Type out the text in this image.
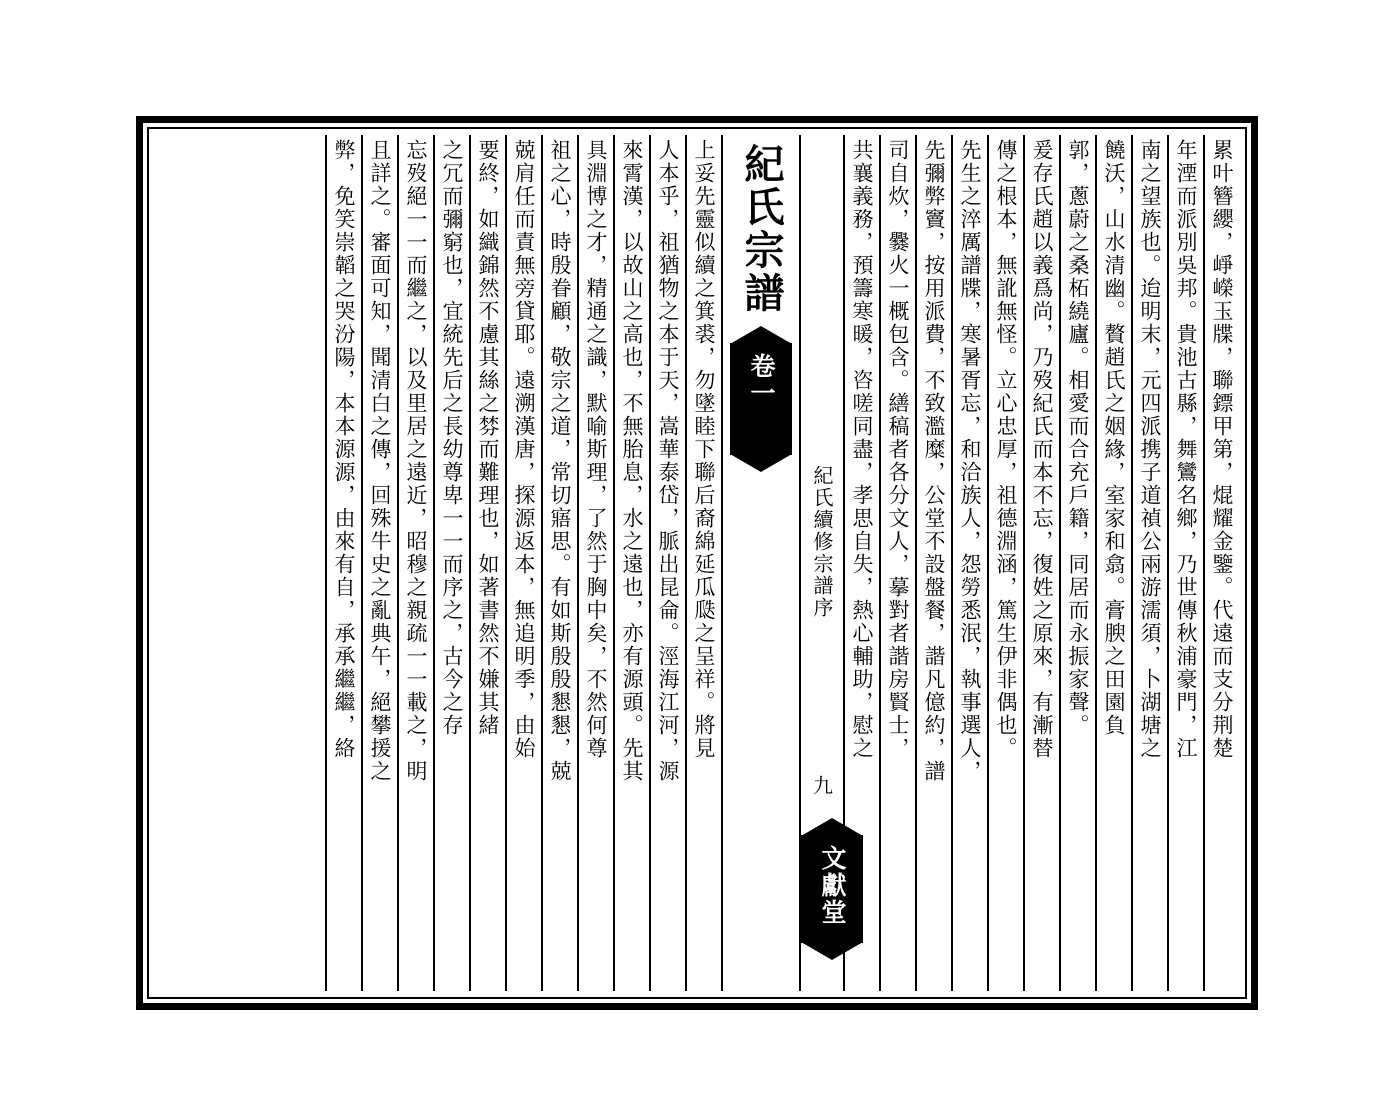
累叶簪纓，崢嶸玉牒，聯鏢甲第，焜耀金鑒。代遠而支分荆楚
年湮而派別吳邦。貴池古縣，舞鸞名鄉，乃世傳秋浦豪門，江
南之望族也。迨明末，元四派携子道禎公兩游濡須，卜湖塘之
饒沃，山水清幽。贅趙氏之姻緣，室家和翕。膏腴之田園負
郭，蔥蔚之桑柘繞廬。相愛而合充戶籍，同居而永振家聲。
爰存氏趙以義爲尚，乃歿紀氏而本不忘，復姓之原來，有漸替
傳之根本，無訛無怪。立心忠厚，祖德淵涵，篤生伊非偶也。
先生之淬厲譜牒，寒暑胥忘，和洽族人，怨勞悉泯，執事選人，
先彌弊竇，按用派費，不致濫糜，公堂不設盤餐，諧凡億約，譜
司自炊，爨火一概包含。繕稿者各分文人，摹對者諧房賢士，
共襄義務，預籌寒暖，咨嗟同盡，孝思自失，熱心輔助，慰之
紀氏續修宗譜序
九
文獻堂
紀氏宗譜
卷一
上妥先靈似續之箕裘，勿墜睦下聯后裔綿延瓜瓞之呈祥。將見
人本乎，祖猶物之本于天，嵩華泰岱，脈出昆侖。涇海江河，源
來霄漢，以故山之高也，不無胎息，水之遠也，亦有源頭。先其
具淵博之才，精通之識，默喻斯理，了然于胸中矣，不然何尊
祖之心，時殷眷顧，敬宗之道，常切寤思。有如斯殷殷懇懇，兢
兢肩任而責無旁貸耶。遠溯漢唐，探源返本，無追明季，由始
要終，如織錦然不慮其絲之棼而難理也，如著書然不嫌其緒
之冗而彌窮也，宜統先后之長幼尊卑一一而序之，古今之存
忘歿絕一一而繼之，以及里居之遠近，昭穆之親疏一一載之，明
且詳之。審面可知，聞清白之傳，回殊牛史之亂典午，絕攀援之
弊，免笑崇韜之哭汾陽，本本源源，由來有自，承承繼繼，絡
